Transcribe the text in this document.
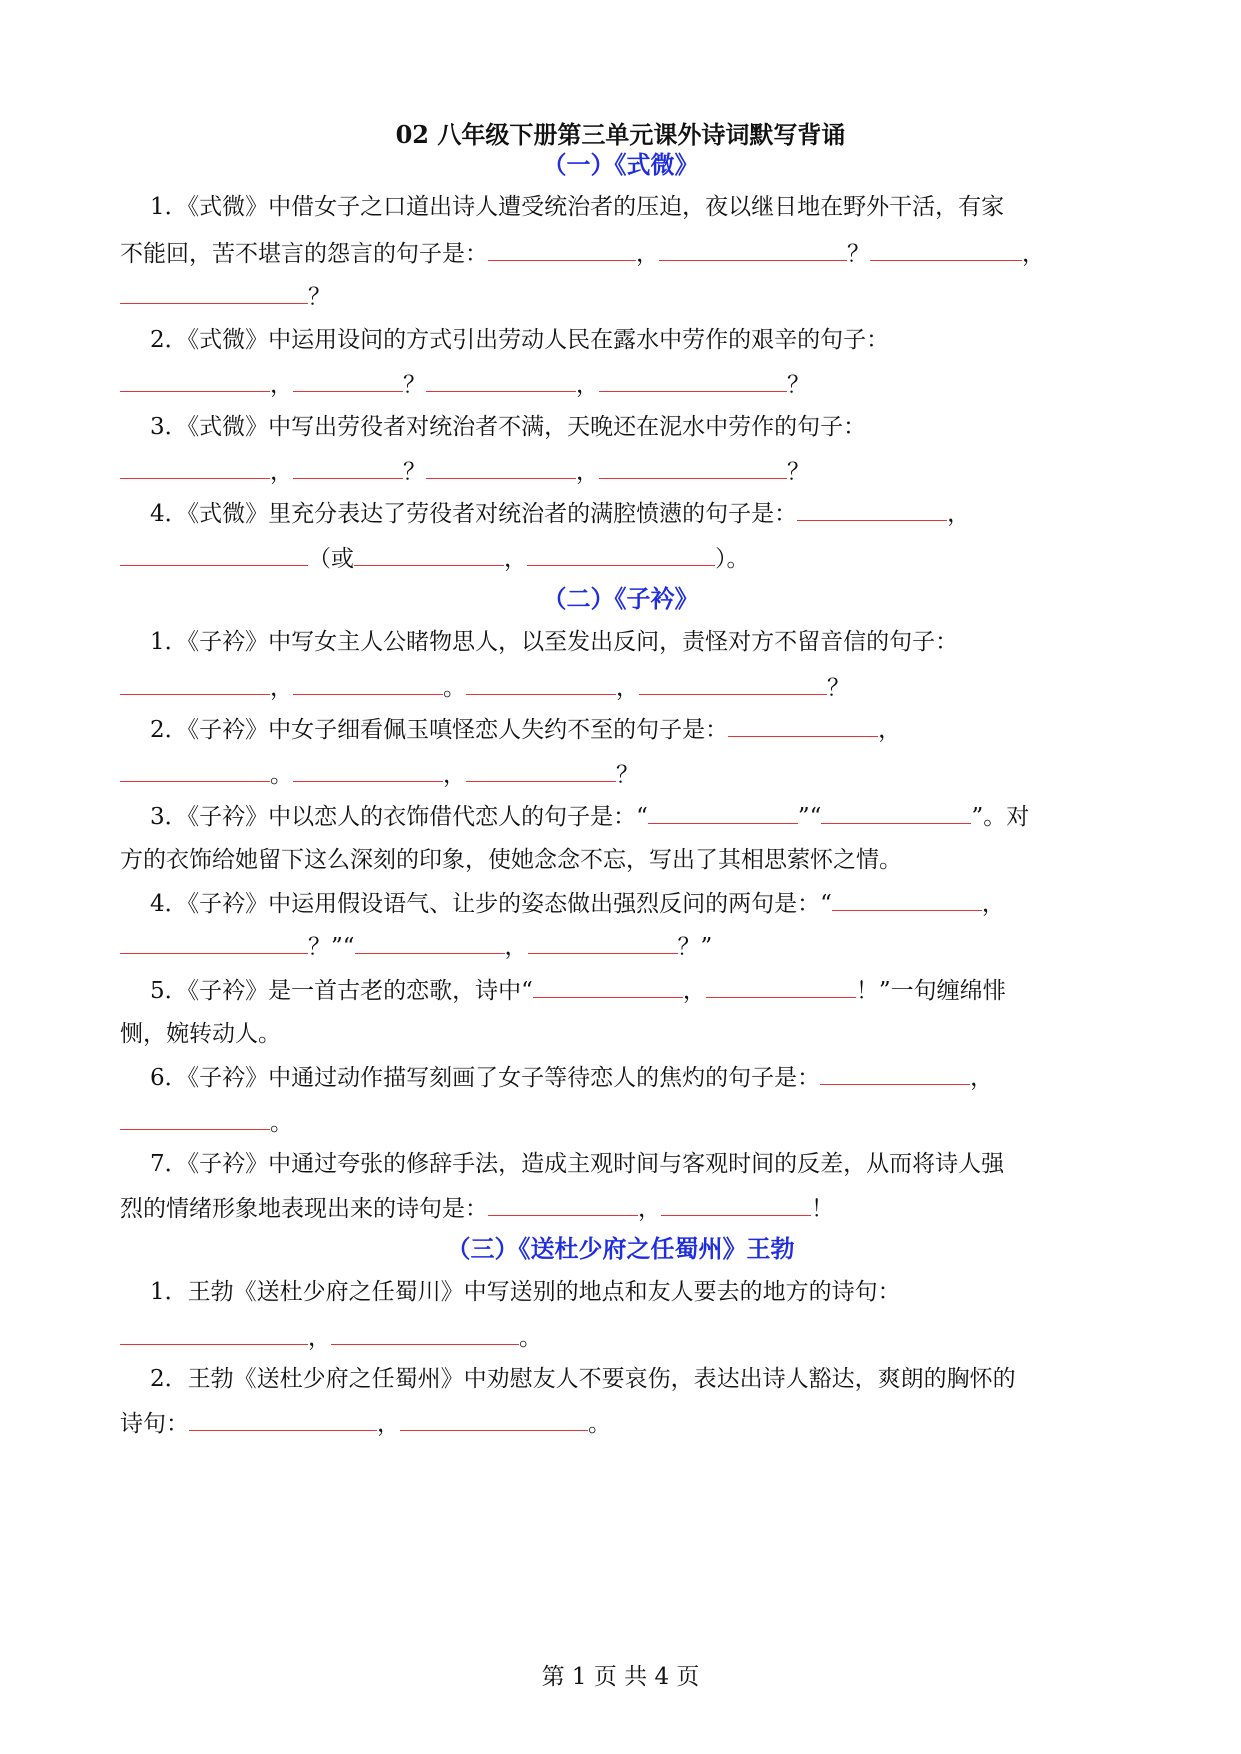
02 八年级下册第三单元课外诗词默写背诵
（一）《式微》
1．《式微》中借女子之口道出诗人遭受统治者的压迫，夜以继日地在野外干活，有家
不能回，苦不堪言的怨言的句子是：	，	？	，
？
2．《式微》中运用设问的方式引出劳动人民在露水中劳作的艰辛的句子：
，	？	，	？
3．《式微》中写出劳役者对统治者不满，天晚还在泥水中劳作的句子：
，	？	，	？
4．《式微》里充分表达了劳役者对统治者的满腔愤懑的句子是：	，
（或	，	）。
（二）《子衿》
1．《子衿》中写女主人公睹物思人，以至发出反问，责怪对方不留音信的句子：
，	。	，	？
2．《子衿》中女子细看佩玉嗔怪恋人失约不至的句子是：	，
。	，	？
3．《子衿》中以恋人的衣饰借代恋人的句子是：“	”“	”。对
方的衣饰给她留下这么深刻的印象，使她念念不忘，写出了其相思萦怀之情。
4．《子衿》中运用假设语气、让步的姿态做出强烈反问的两句是：“	，
？”“	，	？”
5．《子衿》是一首古老的恋歌，诗中“	，	！”一句缠绵悱
恻，婉转动人。
6．《子衿》中通过动作描写刻画了女子等待恋人的焦灼的句子是：	，
。
7．《子衿》中通过夸张的修辞手法，造成主观时间与客观时间的反差，从而将诗人强
烈的情绪形象地表现出来的诗句是：	，	！
（三）《送杜少府之任蜀州》王勃
1．王勃《送杜少府之任蜀川》中写送别的地点和友人要去的地方的诗句：
，	。
2．王勃《送杜少府之任蜀州》中劝慰友人不要哀伤，表达出诗人豁达，爽朗的胸怀的
诗句：	，	。
第 1 页 共 4 页
